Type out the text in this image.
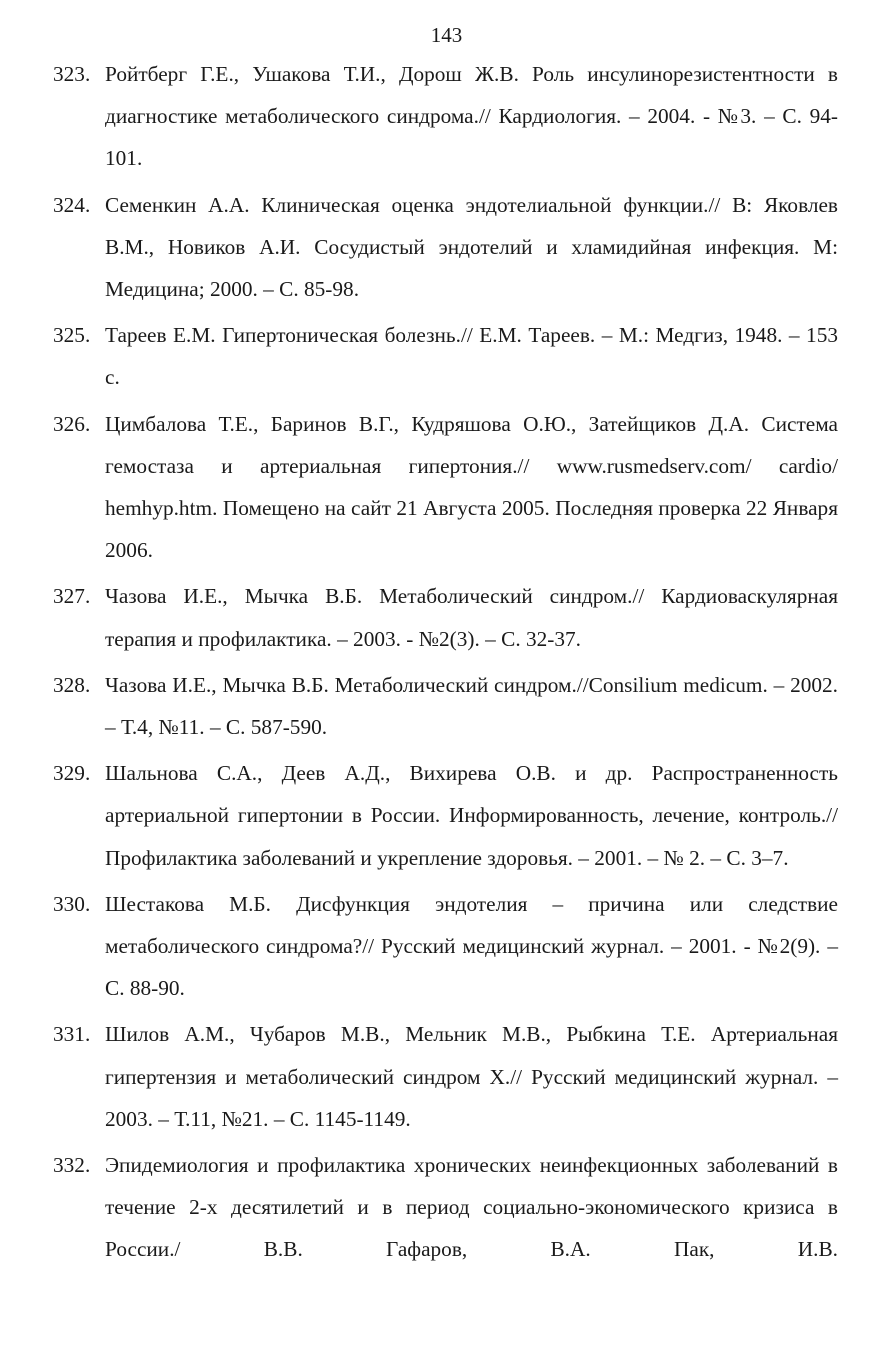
143
323. Ройтберг Г.Е., Ушакова Т.И., Дорош Ж.В. Роль инсулинорезистентности в диагностике метаболического синдрома.// Кардиология. – 2004. - №3. – С. 94-101.
324. Семенкин А.А. Клиническая оценка эндотелиальной функции.// В: Яковлев В.М., Новиков А.И. Сосудистый эндотелий и хламидийная инфекция. М: Медицина; 2000. – С. 85-98.
325. Тареев Е.М. Гипертоническая болезнь.// Е.М. Тареев. – М.: Медгиз, 1948. – 153 с.
326. Цимбалова Т.Е., Баринов В.Г., Кудряшова О.Ю., Затейщиков Д.А. Система гемостаза и артериальная гипертония.// www.rusmedserv.com/ cardio/ hemhyp.htm. Помещено на сайт 21 Августа 2005. Последняя проверка 22 Января 2006.
327. Чазова И.Е., Мычка В.Б. Метаболический синдром.// Кардиоваскулярная терапия и профилактика. – 2003. - №2(3). – С. 32-37.
328. Чазова И.Е., Мычка В.Б. Метаболический синдром.//Consilium medicum. – 2002. – Т.4, №11. – С. 587-590.
329. Шальнова С.А., Деев А.Д., Вихирева О.В. и др. Распространенность артериальной гипертонии в России. Информированность, лечение, контроль.// Профилактика заболеваний и укрепление здоровья. – 2001. – № 2. – С. 3–7.
330. Шестакова М.Б. Дисфункция эндотелия – причина или следствие метаболического синдрома?// Русский медицинский журнал. – 2001. - №2(9). – С. 88-90.
331. Шилов А.М., Чубаров М.В., Мельник М.В., Рыбкина Т.Е. Артериальная гипертензия и метаболический синдром Х.// Русский медицинский журнал. – 2003. – Т.11, №21. – С. 1145-1149.
332. Эпидемиология и профилактика хронических неинфекционных заболеваний в течение 2-х десятилетий и в период социально-экономического кризиса в России./ В.В. Гафаров, В.А. Пак, И.В.
